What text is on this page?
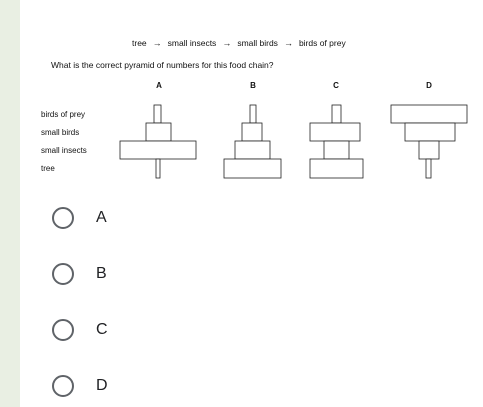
tree → small insects → small birds → birds of prey
What is the correct pyramid of numbers for this food chain?
A	B	C	D
birds of prey
small birds
small insects
tree
A
B
C
D
